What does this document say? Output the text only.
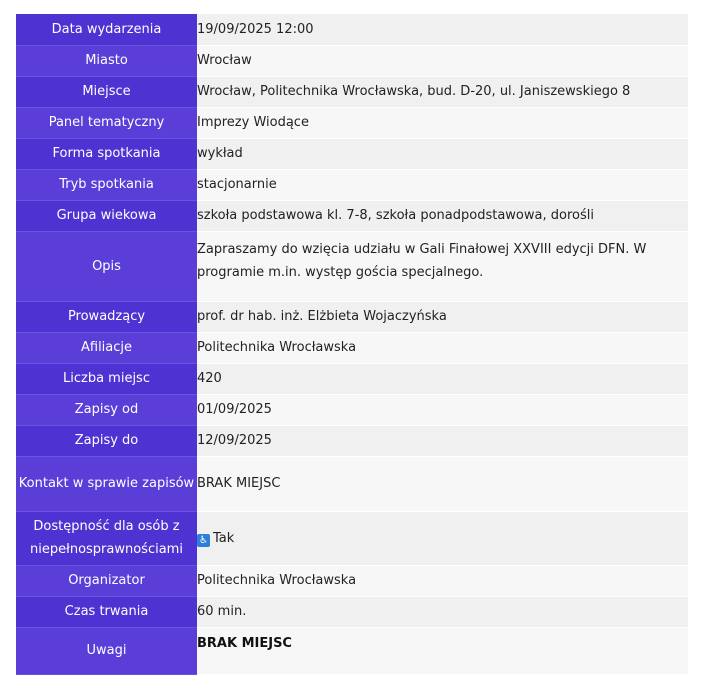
Data wydarzenia	19/09/2025 12:00
Miasto	Wrocław
Miejsce	Wrocław, Politechnika Wrocławska, bud. D-20, ul. Janiszewskiego 8
Panel tematyczny	Imprezy Wiodące
Forma spotkania	wykład
Tryb spotkania	stacjonarnie
Grupa wiekowa	szkoła podstawowa kl. 7-8, szkoła ponadpodstawowa, dorośli
Opis	Zapraszamy do wzięcia udziału w Gali Finałowej XXVIII edycji DFN. W programie m.in. występ gościa specjalnego.
Prowadzący	prof. dr hab. inż. Elżbieta Wojaczyńska
Afiliacje	Politechnika Wrocławska
Liczba miejsc	420
Zapisy od	01/09/2025
Zapisy do	12/09/2025
Kontakt w sprawie zapisów	BRAK MIEJSC
Dostępność dla osób z niepełnosprawnościami	♿ Tak
Organizator	Politechnika Wrocławska
Czas trwania	60 min.
Uwagi	BRAK MIEJSC
